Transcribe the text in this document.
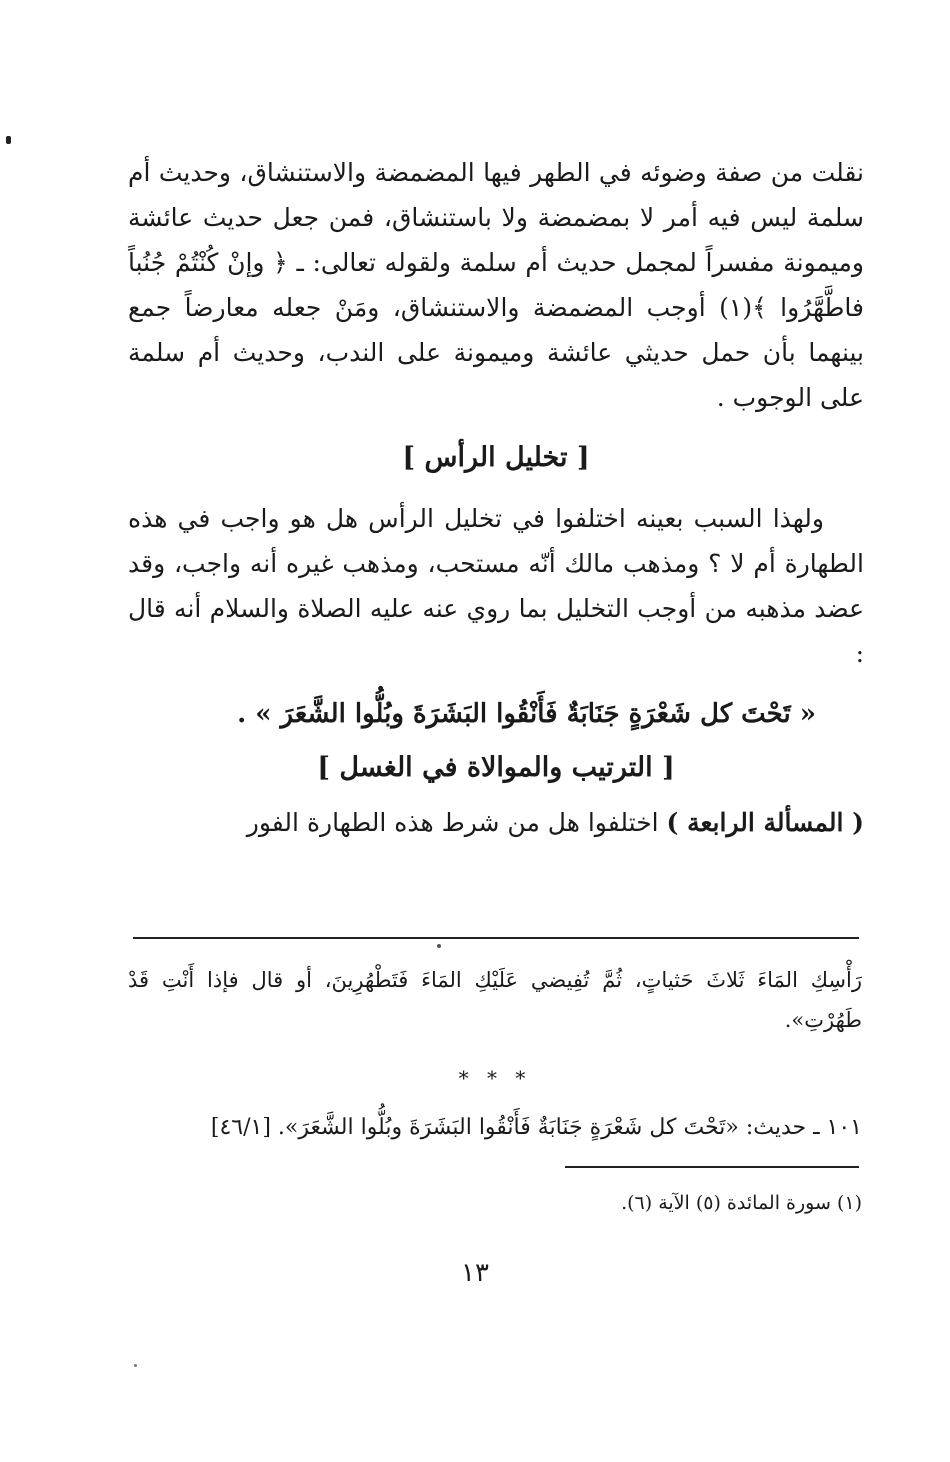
نقلت من صفة وضوئه في الطهر فيها المضمضة والاستنشاق، وحديث أم سلمة ليس فيه أمر لا بمضمضة ولا باستنشاق، فمن جعل حديث عائشة وميمونة مفسراً لمجمل حديث أم سلمة ولقوله تعالى: ـ ﴿ وإنْ كُنْتُمْ جُنُباً فاطَّهَّرُوا ﴾(١) أوجب المضمضة والاستنشاق، ومَنْ جعله معارضاً جمع بينهما بأن حمل حديثي عائشة وميمونة على الندب، وحديث أم سلمة على الوجوب .

[ تخليل الرأس ]

ولهذا السبب بعينه اختلفوا في تخليل الرأس هل هو واجب في هذه الطهارة أم لا ؟ ومذهب مالك أنّه مستحب، ومذهب غيره أنه واجب، وقد عضد مذهبه من أوجب التخليل بما روي عنه عليه الصلاة والسلام أنه قال :

« تَحْتَ كل شَعْرَةٍ جَنَابَةٌ فَأَنْقُوا البَشَرَةَ وبُلُّوا الشَّعَرَ » .

[ الترتيب والموالاة في الغسل ]

( المسألة الرابعة ) اختلفوا هل من شرط هذه الطهارة الفور

رَأْسِكِ المَاءَ ثَلاثَ حَثياتٍ، ثُمَّ تُفِيضي عَلَيْكِ المَاءَ فَتَطْهُرِينَ، أو قال فإذا أَنْتِ قَدْ طَهُرْتِ».

* * *

١٠١ ـ حديث: «تَحْتَ كل شَعْرَةٍ جَنَابَةٌ فَأَنْقُوا البَشَرَةَ وبُلُّوا الشَّعَرَ». [٤٦/١]

(١) سورة المائدة (٥) الآية (٦).

١٣
